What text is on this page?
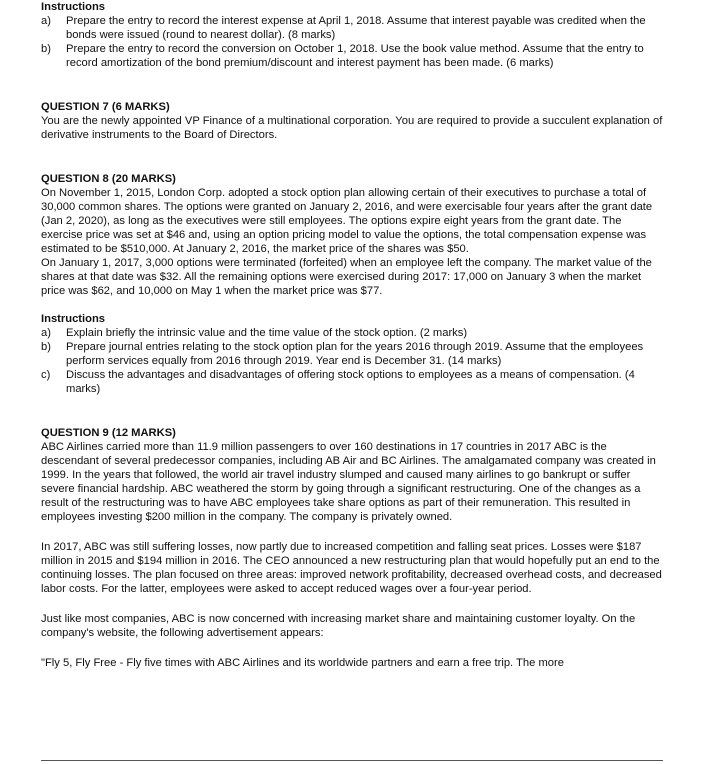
Instructions

a) Prepare the entry to record the interest expense at April 1, 2018. Assume that interest payable was credited when the bonds were issued (round to nearest dollar). (8 marks)
b) Prepare the entry to record the conversion on October 1, 2018. Use the book value method. Assume that the entry to record amortization of the bond premium/discount and interest payment has been made. (6 marks)

QUESTION 7 (6 MARKS)

You are the newly appointed VP Finance of a multinational corporation. You are required to provide a succulent explanation of derivative instruments to the Board of Directors.

QUESTION 8 (20 MARKS)

On November 1, 2015, London Corp. adopted a stock option plan allowing certain of their executives to purchase a total of 30,000 common shares. The options were granted on January 2, 2016, and were exercisable four years after the grant date (Jan 2, 2020), as long as the executives were still employees. The options expire eight years from the grant date. The exercise price was set at $46 and, using an option pricing model to value the options, the total compensation expense was estimated to be $510,000. At January 2, 2016, the market price of the shares was $50.

On January 1, 2017, 3,000 options were terminated (forfeited) when an employee left the company. The market value of the shares at that date was $32. All the remaining options were exercised during 2017: 17,000 on January 3 when the market price was $62, and 10,000 on May 1 when the market price was $77.

Instructions

a) Explain briefly the intrinsic value and the time value of the stock option. (2 marks)
b) Prepare journal entries relating to the stock option plan for the years 2016 through 2019. Assume that the employees perform services equally from 2016 through 2019. Year end is December 31. (14 marks)
c) Discuss the advantages and disadvantages of offering stock options to employees as a means of compensation. (4 marks)

QUESTION 9 (12 MARKS)

ABC Airlines carried more than 11.9 million passengers to over 160 destinations in 17 countries in 2017 ABC is the descendant of several predecessor companies, including AB Air and BC Airlines. The amalgamated company was created in 1999. In the years that followed, the world air travel industry slumped and caused many airlines to go bankrupt or suffer severe financial hardship. ABC weathered the storm by going through a significant restructuring. One of the changes as a result of the restructuring was to have ABC employees take share options as part of their remuneration. This resulted in employees investing $200 million in the company. The company is privately owned.

In 2017, ABC was still suffering losses, now partly due to increased competition and falling seat prices. Losses were $187 million in 2015 and $194 million in 2016. The CEO announced a new restructuring plan that would hopefully put an end to the continuing losses. The plan focused on three areas: improved network profitability, decreased overhead costs, and decreased labor costs. For the latter, employees were asked to accept reduced wages over a four-year period.

Just like most companies, ABC is now concerned with increasing market share and maintaining customer loyalty. On the company's website, the following advertisement appears:

"Fly 5, Fly Free - Fly five times with ABC Airlines and its worldwide partners and earn a free trip. The more
